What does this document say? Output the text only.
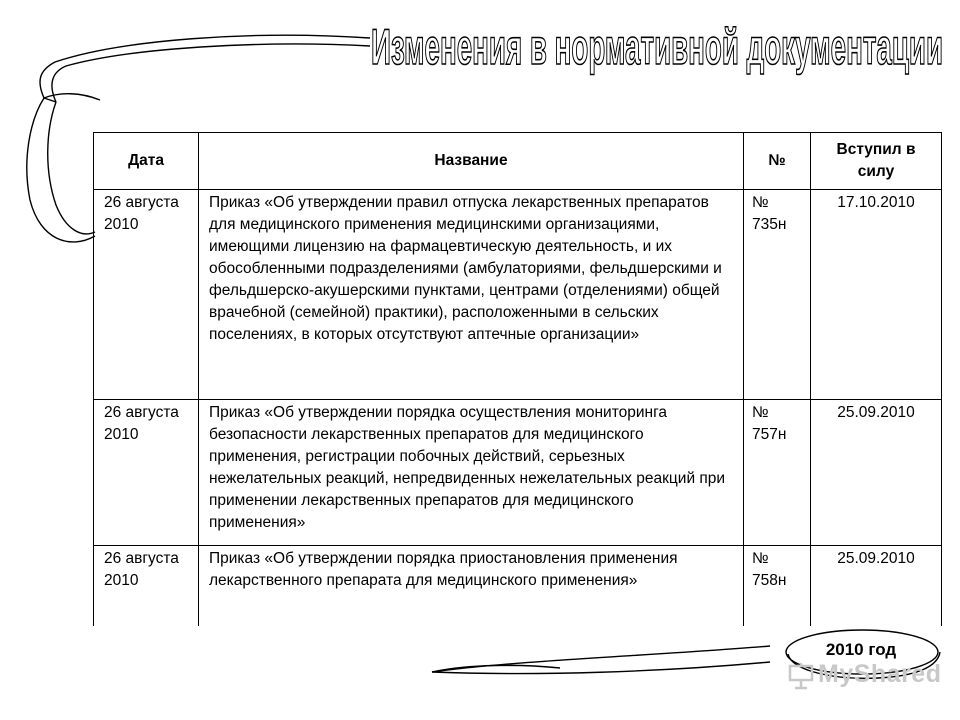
Изменения в нормативной документации
Дата	Название	№	Вступил в силу
26 августа 2010	Приказ «Об утверждении правил отпуска лекарственных препаратов для медицинского применения медицинскими организациями, имеющими лицензию на фармацевтическую деятельность, и их обособленными подразделениями (амбулаториями, фельдшерскими и фельдшерско-акушерскими пунктами, центрами (отделениями) общей врачебной (семейной) практики), расположенными в сельских поселениях, в которых отсутствуют аптечные организации»	№ 735н	17.10.2010
26 августа 2010	Приказ «Об утверждении порядка осуществления мониторинга безопасности лекарственных препаратов для медицинского применения, регистрации побочных действий, серьезных нежелательных реакций, непредвиденных нежелательных реакций при применении лекарственных препаратов для медицинского применения»	№ 757н	25.09.2010
26 августа 2010	Приказ «Об утверждении порядка приостановления применения лекарственного препарата для медицинского применения»	№ 758н	25.09.2010
2010 год
MyShared
